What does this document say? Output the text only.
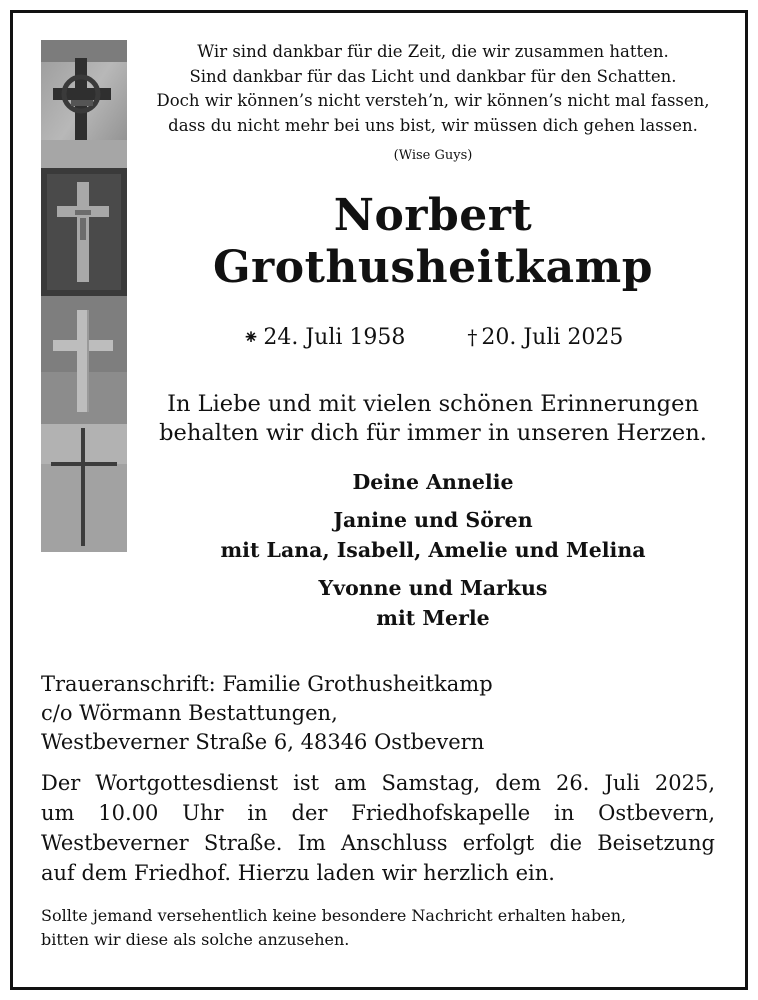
Wir sind dankbar für die Zeit, die wir zusammen hatten.
Sind dankbar für das Licht und dankbar für den Schatten.
Doch wir können’s nicht versteh’n, wir können’s nicht mal fassen,
dass du nicht mehr bei uns bist, wir müssen dich gehen lassen.
(Wise Guys)
Norbert
Grothusheitkamp
⁕ 24. Juli 1958	† 20. Juli 2025
In Liebe und mit vielen schönen Erinnerungen
behalten wir dich für immer in unseren Herzen.
Deine Annelie
Janine und Sören
mit Lana, Isabell, Amelie und Melina
Yvonne und Markus
mit Merle
Traueranschrift: Familie Grothusheitkamp
c/o Wörmann Bestattungen,
Westbeverner Straße 6, 48346 Ostbevern
Der Wortgottesdienst ist am Samstag, dem 26. Juli 2025,
um 10.00 Uhr in der Friedhofskapelle in Ostbevern,
Westbeverner Straße. Im Anschluss erfolgt die Beisetzung
auf dem Friedhof. Hierzu laden wir herzlich ein.
Sollte jemand versehentlich keine besondere Nachricht erhalten haben,
bitten wir diese als solche anzusehen.
